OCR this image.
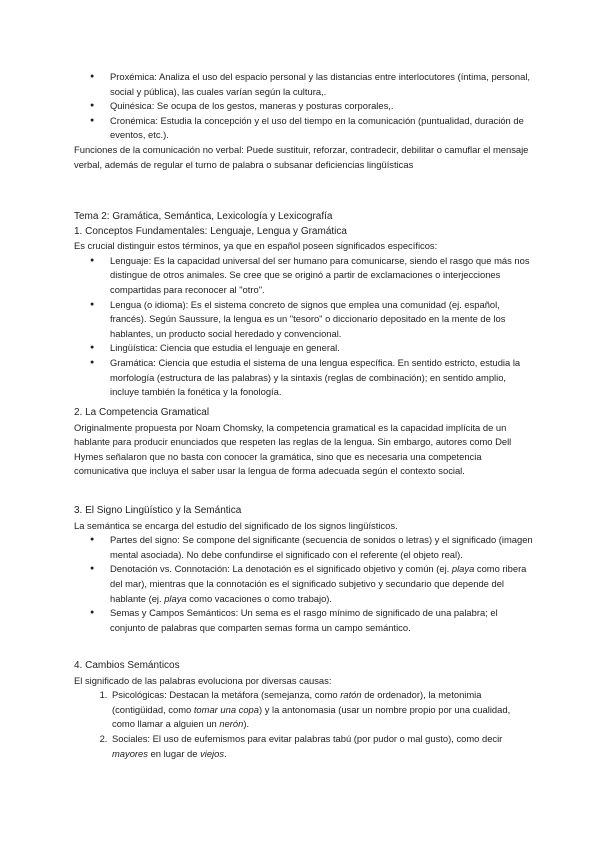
● Proxémica: Analiza el uso del espacio personal y las distancias entre interlocutores (íntima, personal, social y pública), las cuales varían según la cultura,.
● Quinésica: Se ocupa de los gestos, maneras y posturas corporales,.
● Cronémica: Estudia la concepción y el uso del tiempo en la comunicación (puntualidad, duración de eventos, etc.).

Funciones de la comunicación no verbal: Puede sustituir, reforzar, contradecir, debilitar o camuflar el mensaje verbal, además de regular el turno de palabra o subsanar deficiencias lingüísticas

Tema 2: Gramática, Semántica, Lexicología y Lexicografía

1. Conceptos Fundamentales: Lenguaje, Lengua y Gramática

Es crucial distinguir estos términos, ya que en español poseen significados específicos:

● Lenguaje: Es la capacidad universal del ser humano para comunicarse, siendo el rasgo que más nos distingue de otros animales. Se cree que se originó a partir de exclamaciones o interjecciones compartidas para reconocer al "otro".
● Lengua (o idioma): Es el sistema concreto de signos que emplea una comunidad (ej. español, francés). Según Saussure, la lengua es un "tesoro" o diccionario depositado en la mente de los hablantes, un producto social heredado y convencional.
● Lingüística: Ciencia que estudia el lenguaje en general.
● Gramática: Ciencia que estudia el sistema de una lengua específica. En sentido estricto, estudia la morfología (estructura de las palabras) y la sintaxis (reglas de combinación); en sentido amplio, incluye también la fonética y la fonología.

2. La Competencia Gramatical

Originalmente propuesta por Noam Chomsky, la competencia gramatical es la capacidad implícita de un hablante para producir enunciados que respeten las reglas de la lengua. Sin embargo, autores como Dell Hymes señalaron que no basta con conocer la gramática, sino que es necesaria una competencia comunicativa que incluya el saber usar la lengua de forma adecuada según el contexto social.

3. El Signo Lingüístico y la Semántica

La semántica se encarga del estudio del significado de los signos lingüísticos.

● Partes del signo: Se compone del significante (secuencia de sonidos o letras) y el significado (imagen mental asociada). No debe confundirse el significado con el referente (el objeto real).
● Denotación vs. Connotación: La denotación es el significado objetivo y común (ej. playa como ribera del mar), mientras que la connotación es el significado subjetivo y secundario que depende del hablante (ej. playa como vacaciones o como trabajo).
● Semas y Campos Semánticos: Un sema es el rasgo mínimo de significado de una palabra; el conjunto de palabras que comparten semas forma un campo semántico.

4. Cambios Semánticos

El significado de las palabras evoluciona por diversas causas:

1. Psicológicas: Destacan la metáfora (semejanza, como ratón de ordenador), la metonimia (contigüidad, como tomar una copa) y la antonomasia (usar un nombre propio por una cualidad, como llamar a alguien un nerón).
2. Sociales: El uso de eufemismos para evitar palabras tabú (por pudor o mal gusto), como decir mayores en lugar de viejos.
